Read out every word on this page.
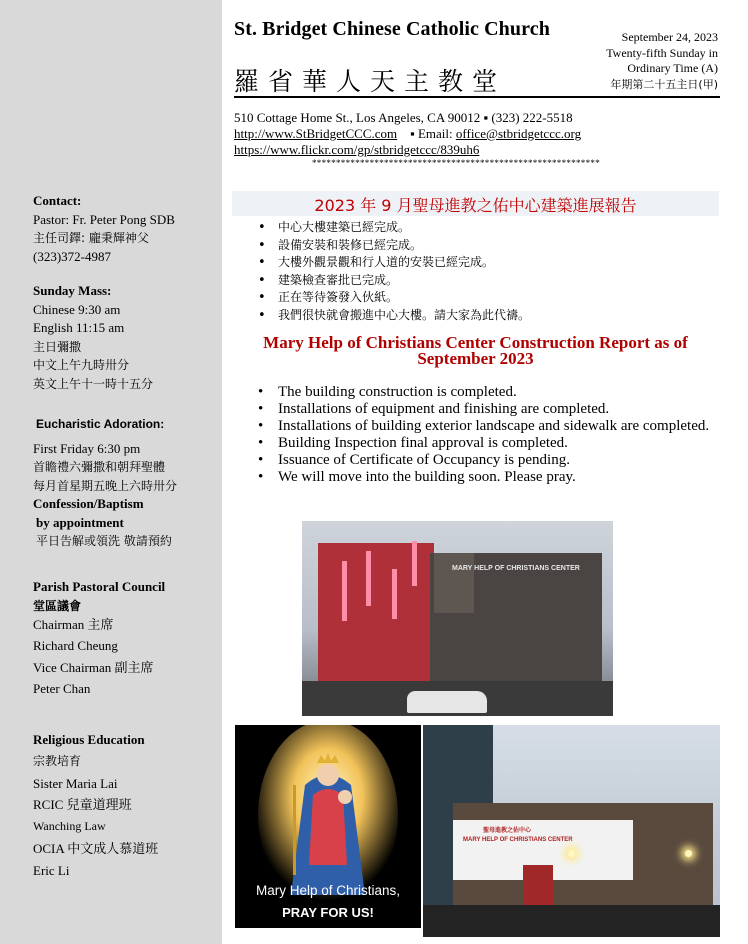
Contact:
Pastor: Fr. Peter Pong SDB
主任司鐸: 龐秉輝神父
(323)372-4987
Sunday Mass:
Chinese 9:30 am
English 11:15 am
主日彌撒
中文上午九時卅分
英文上午十一時十五分
Eucharistic Adoration:
First Friday 6:30 pm
首瞻禮六彌撒和朝拜聖體
每月首星期五晚上六時卅分
Confession/Baptism
by appointment
平日告解或領洗 敬請預約
Parish Pastoral Council
堂區議會
Chairman 主席
Richard Cheung
Vice Chairman 副主席
Peter Chan
Religious Education
宗教培育
Sister Maria Lai
RCIC 兒童道理班
Wanching Law
OCIA 中文成人慕道班
Eric Li
St. Bridget Chinese Catholic Church
羅省華人天主教堂
September 24, 2023
Twenty-fifth Sunday in
Ordinary Time (A)
年期第二十五主日(甲)
510 Cottage Home St., Los Angeles, CA 90012 ▪ (323) 222-5518
http://www.StBridgetCCC.com ▪ Email: office@stbridgetccc.org
https://www.flickr.com/gp/stbridgetccc/839uh6
************************************************************
2023 年 9 月聖母進教之佑中心建築進展報告
• 中心大樓建築已經完成。
• 設備安裝和裝修已經完成。
• 大樓外觀景觀和行人道的安裝已經完成。
• 建築檢查審批已完成。
• 正在等待簽發入伙紙。
• 我們很快就會搬進中心大樓。請大家為此代禱。
Mary Help of Christians Center Construction Report as of September 2023
• The building construction is completed.
• Installations of equipment and finishing are completed.
• Installations of building exterior landscape and sidewalk are completed.
• Building Inspection final approval is completed.
• Issuance of Certificate of Occupancy is pending.
• We will move into the building soon. Please pray.
MARY HELP OF CHRISTIANS CENTER
Mary Help of Christians,
PRAY FOR US!
聖母進教之佑中心
MARY HELP OF CHRISTIANS CENTER
